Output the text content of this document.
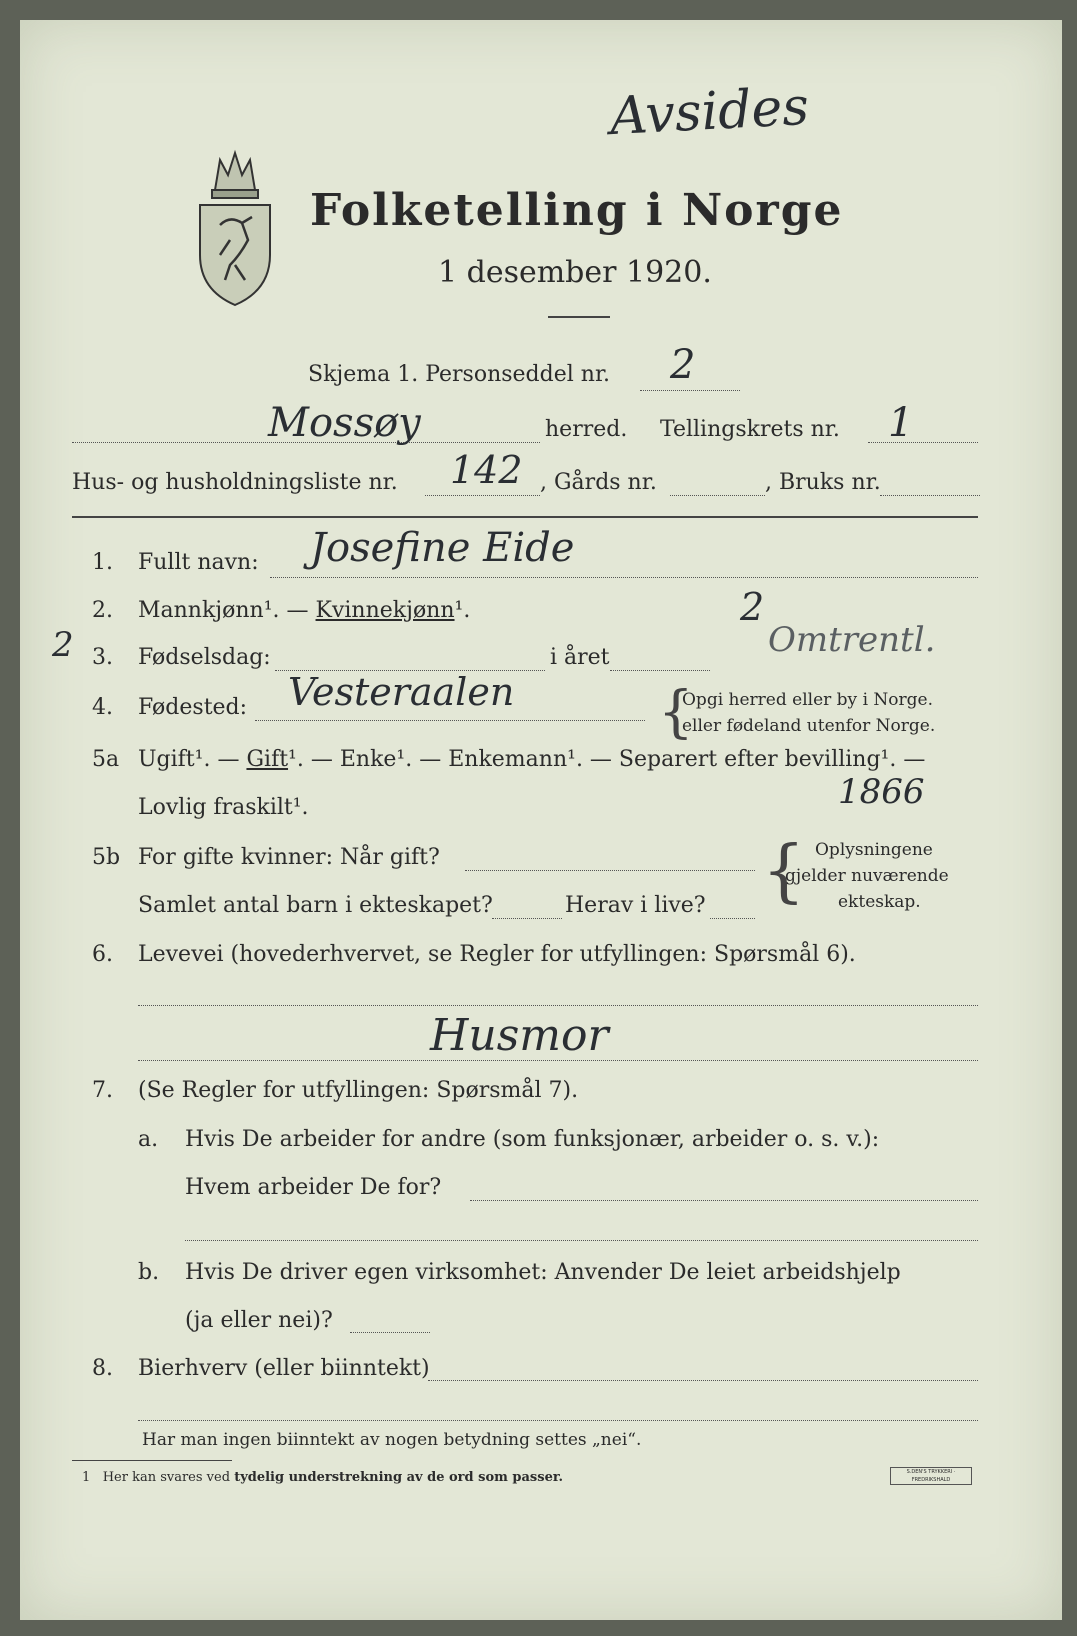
Avsides
Folketelling i Norge
1 desember 1920.
Skjema 1. Personseddel nr. 2
Mossøy	herred. Tellingskrets nr. 1
Hus- og husholdningsliste nr. 142 , Gårds nr.	, Bruks nr.
1. Fullt navn: Josefine Eide
2. Mannkjønn¹. — Kvinnekjønn¹.	2
2 3. Fødselsdag:	i året	Omtrentl.
4. Fødested: Vesteraalen	{
Opgi herred eller by i Norge.
eller fødeland utenfor Norge.
5a Ugift¹. — Gift¹. — Enke¹. — Enkemann¹. — Separert efter bevilling¹. —
Lovlig fraskilt¹.	1866
5b For gifte kvinner: Når gift?
Samlet antal barn i ekteskapet?	Herav i live? { Oplysningene
gjelder nuværende
ekteskap.
6. Levevei (hovederhvervet, se Regler for utfyllingen: Spørsmål 6).
Husmor
7. (Se Regler for utfyllingen: Spørsmål 7).
a. Hvis De arbeider for andre (som funksjonær, arbeider o. s. v.):
Hvem arbeider De for?
b. Hvis De driver egen virksomhet: Anvender De leiet arbeidshjelp
(ja eller nei)?
8. Bierhverv (eller biinntekt)
Har man ingen biinntekt av nogen betydning settes „nei“.
1 Her kan svares ved tydelig understrekning av de ord som passer.	S.DEN'S TRYKKERI · FREDRIKSHALD
